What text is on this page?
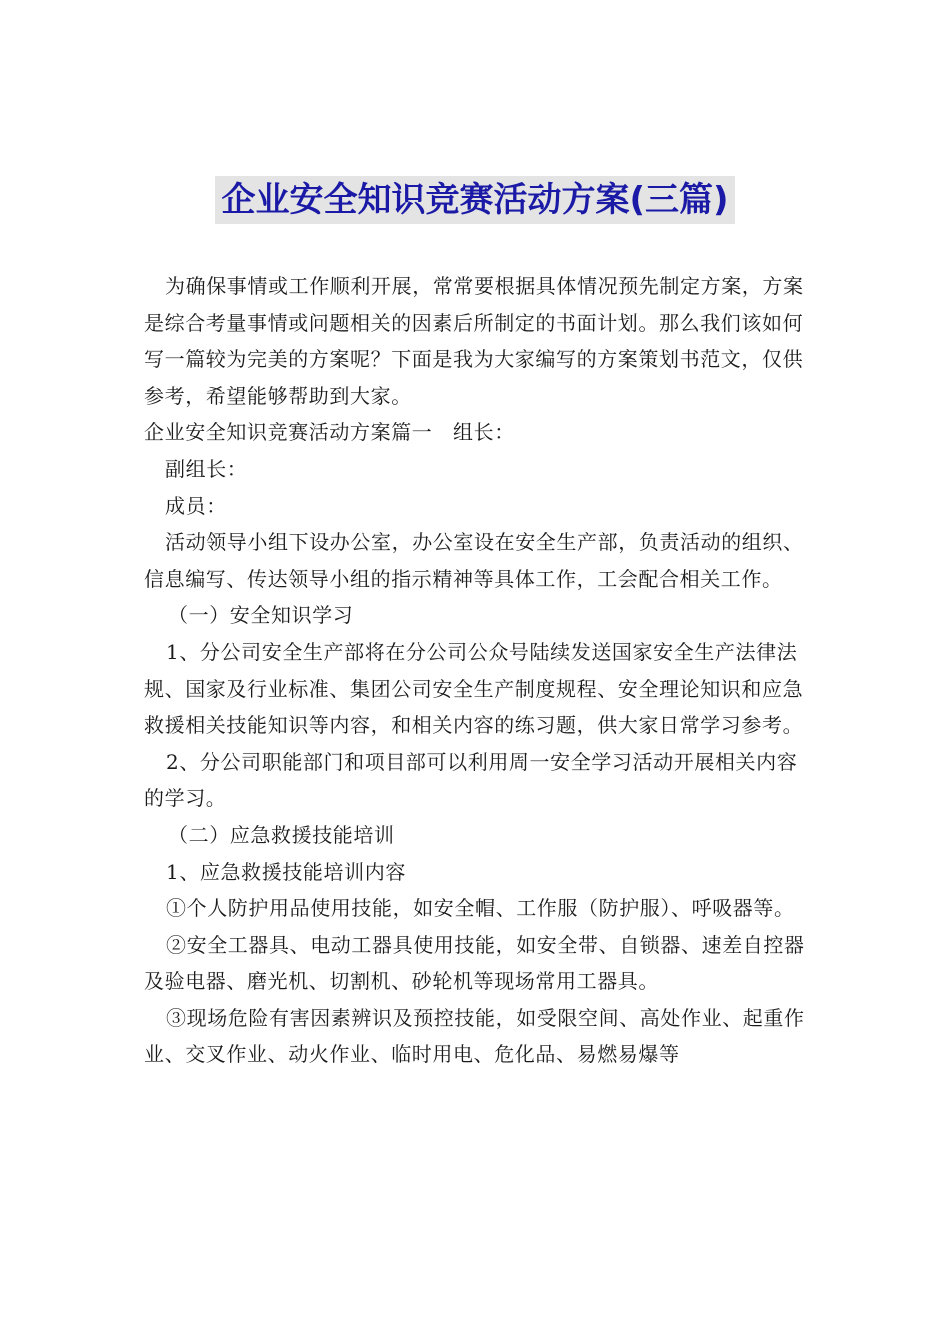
企业安全知识竞赛活动方案(三篇)

为确保事情或工作顺利开展，常常要根据具体情况预先制定方案，方案是综合考量事情或问题相关的因素后所制定的书面计划。那么我们该如何写一篇较为完美的方案呢？下面是我为大家编写的方案策划书范文，仅供参考，希望能够帮助到大家。

企业安全知识竞赛活动方案篇一　组长：

副组长：

成员：

活动领导小组下设办公室，办公室设在安全生产部，负责活动的组织、信息编写、传达领导小组的指示精神等具体工作，工会配合相关工作。

（一）安全知识学习

1、分公司安全生产部将在分公司公众号陆续发送国家安全生产法律法规、国家及行业标准、集团公司安全生产制度规程、安全理论知识和应急救援相关技能知识等内容，和相关内容的练习题，供大家日常学习参考。

2、分公司职能部门和项目部可以利用周一安全学习活动开展相关内容的学习。

（二）应急救援技能培训

1、应急救援技能培训内容

①个人防护用品使用技能，如安全帽、工作服（防护服）、呼吸器等。

②安全工器具、电动工器具使用技能，如安全带、自锁器、速差自控器及验电器、磨光机、切割机、砂轮机等现场常用工器具。

③现场危险有害因素辨识及预控技能，如受限空间、高处作业、起重作业、交叉作业、动火作业、临时用电、危化品、易燃易爆等
